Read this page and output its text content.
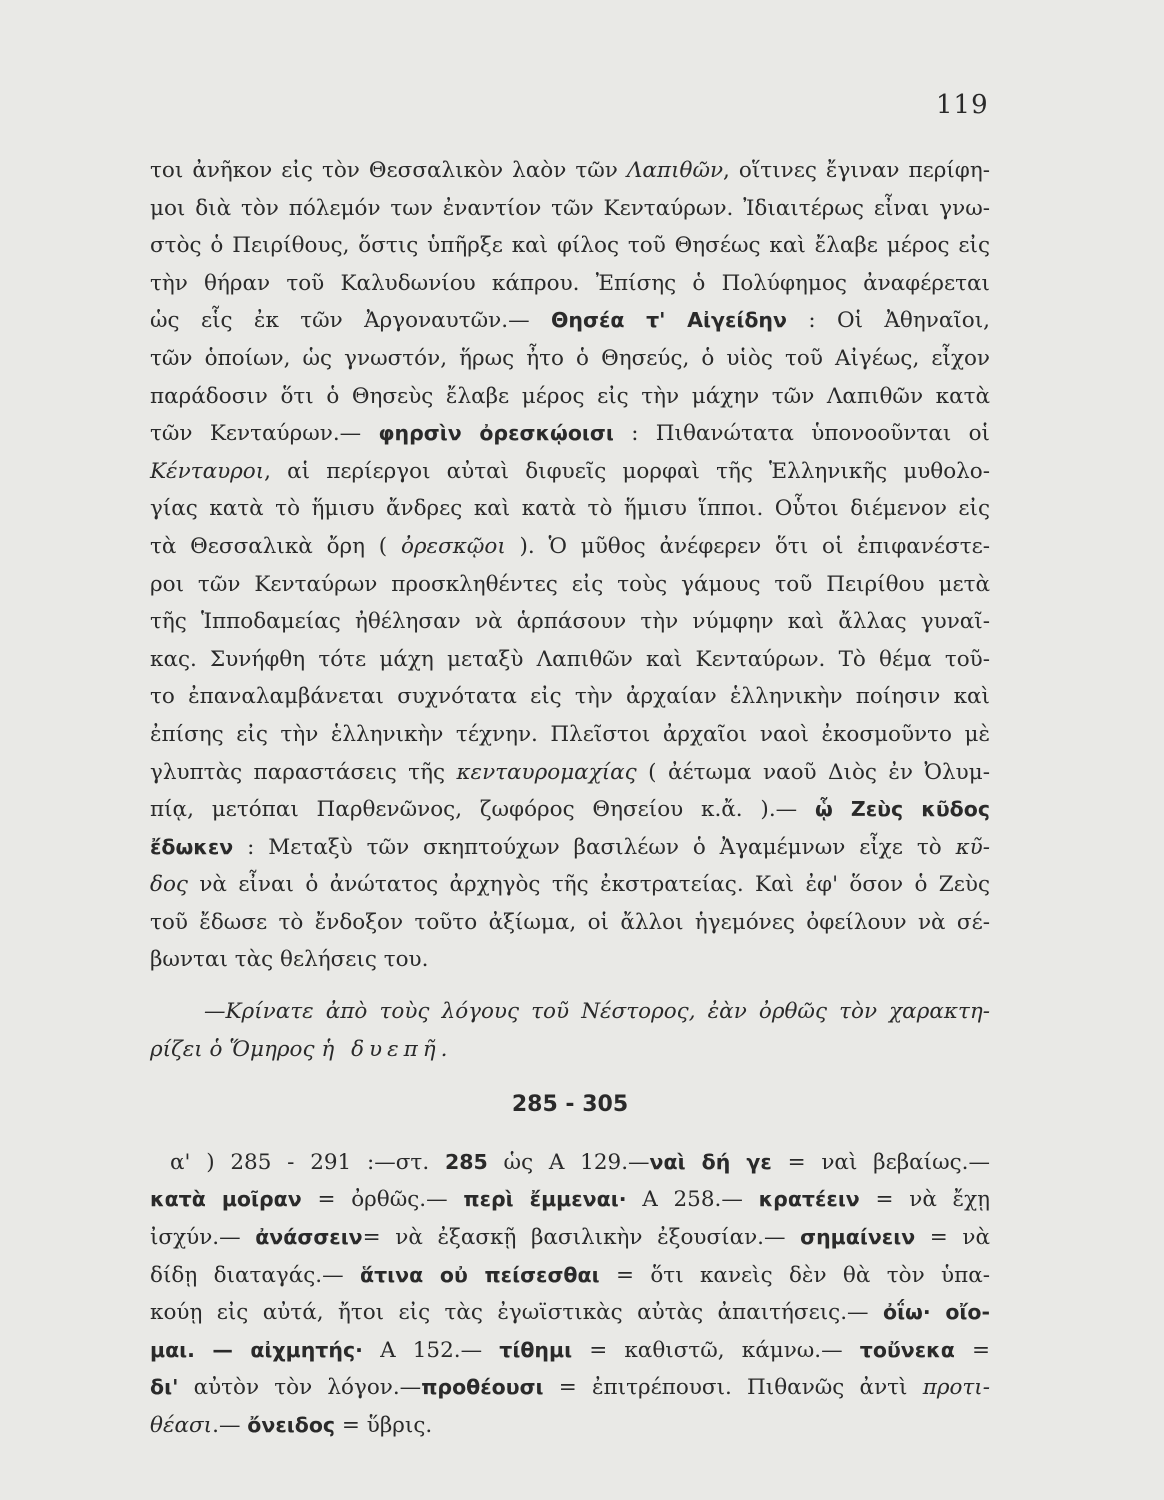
119
τοι ἀνῆκον εἰς τὸν Θεσσαλικὸν λαὸν τῶν Λαπιθῶν, οἵτινες ἔγιναν περίφη-
μοι διὰ τὸν πόλεμόν των ἐναντίον τῶν Κενταύρων. Ἰδιαιτέρως εἶναι γνω-
στὸς ὁ Πειρίθους, ὅστις ὑπῆρξε καὶ φίλος τοῦ Θησέως καὶ ἔλαβε μέρος εἰς
τὴν θήραν τοῦ Καλυδωνίου κάπρου. Ἐπίσης ὁ Πολύφημος ἀναφέρεται
ὡς εἷς ἐκ τῶν Ἀργοναυτῶν.— Θησέα τ' Αἰγείδην : Οἱ Ἀθηναῖοι,
τῶν ὁποίων, ὡς γνωστόν, ἥρως ἦτο ὁ Θησεύς, ὁ υἱὸς τοῦ Αἰγέως, εἶχον
παράδοσιν ὅτι ὁ Θησεὺς ἔλαβε μέρος εἰς τὴν μάχην τῶν Λαπιθῶν κατὰ
τῶν Κενταύρων.— φηρσὶν ὀρεσκῴοισι : Πιθανώτατα ὑπονοοῦνται οἱ
Κένταυροι, αἱ περίεργοι αὐταὶ διφυεῖς μορφαὶ τῆς Ἑλληνικῆς μυθολο-
γίας κατὰ τὸ ἥμισυ ἄνδρες καὶ κατὰ τὸ ἥμισυ ἵπποι. Οὗτοι διέμενον εἰς
τὰ Θεσσαλικὰ ὄρη ( ὀρεσκῷοι ). Ὁ μῦθος ἀνέφερεν ὅτι οἱ ἐπιφανέστε-
ροι τῶν Κενταύρων προσκληθέντες εἰς τοὺς γάμους τοῦ Πειρίθου μετὰ
τῆς Ἱπποδαμείας ἠθέλησαν νὰ ἁρπάσουν τὴν νύμφην καὶ ἄλλας γυναῖ-
κας. Συνήφθη τότε μάχη μεταξὺ Λαπιθῶν καὶ Κενταύρων. Τὸ θέμα τοῦ-
το ἐπαναλαμβάνεται συχνότατα εἰς τὴν ἀρχαίαν ἑλληνικὴν ποίησιν καὶ
ἐπίσης εἰς τὴν ἑλληνικὴν τέχνην. Πλεῖστοι ἀρχαῖοι ναοὶ ἐκοσμοῦντο μὲ
γλυπτὰς παραστάσεις τῆς κενταυρομαχίας ( ἀέτωμα ναοῦ Διὸς ἐν Ὀλυμ-
πίᾳ, μετόπαι Παρθενῶνος, ζωφόρος Θησείου κ.ἄ. ).— ᾧ Ζεὺς κῦδος
ἔδωκεν : Μεταξὺ τῶν σκηπτούχων βασιλέων ὁ Ἀγαμέμνων εἶχε τὸ κῦ-
δος νὰ εἶναι ὁ ἀνώτατος ἀρχηγὸς τῆς ἐκστρατείας. Καὶ ἐφ' ὅσον ὁ Ζεὺς
τοῦ ἔδωσε τὸ ἔνδοξον τοῦτο ἀξίωμα, οἱ ἄλλοι ἡγεμόνες ὀφείλουν νὰ σέ-
βωνται τὰς θελήσεις του.
—Κρίνατε ἀπὸ τοὺς λόγους τοῦ Νέστορος, ἐὰν ὀρθῶς τὸν χαρακτη-
ρίζει ὁ Ὅμηρος ἡ δυεπῆ.
285 - 305
α' ) 285 - 291 :—στ. 285 ὡς Α 129.—ναὶ δή γε = ναὶ βεβαίως.—
κατὰ μοῖραν = ὀρθῶς.— περὶ ἔμμεναι· Α 258.— κρατέειν = νὰ ἔχῃ
ἰσχύν.— ἀνάσσειν= νὰ ἐξασκῇ βασιλικὴν ἐξουσίαν.— σημαίνειν = νὰ
δίδῃ διαταγάς.— ἅτινα οὐ πείσεσθαι = ὅτι κανεὶς δὲν θὰ τὸν ὑπα-
κούῃ εἰς αὐτά, ἤτοι εἰς τὰς ἐγωϊστικὰς αὐτὰς ἀπαιτήσεις.— ὀΐω· οἴο-
μαι. — αἰχμητής· Α 152.— τίθημι = καθιστῶ, κάμνω.— τοὔνεκα =
δι' αὐτὸν τὸν λόγον.—προθέουσι = ἐπιτρέπουσι. Πιθανῶς ἀντὶ προτι-
θέασι.— ὄνειδος = ὕβρις.
